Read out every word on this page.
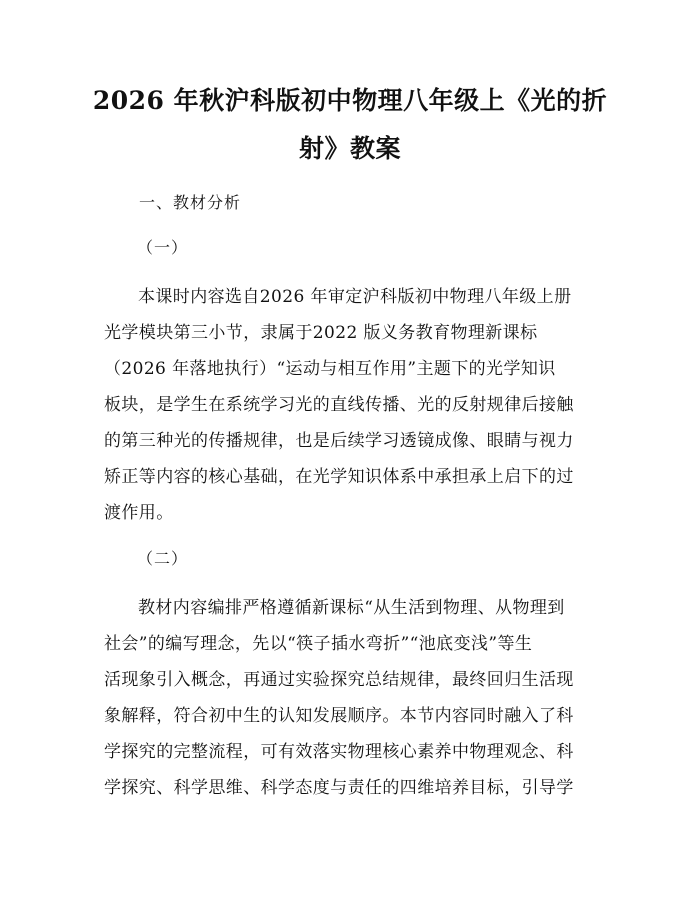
2026 年秋沪科版初中物理八年级上《光的折
射》教案
一、教材分析
（一）
本课时内容选自2026 年审定沪科版初中物理八年级上册
光学模块第三小节，隶属于2022 版义务教育物理新课标
（2026 年落地执行）“运动与相互作用”主题下的光学知识
板块，是学生在系统学习光的直线传播、光的反射规律后接触
的第三种光的传播规律，也是后续学习透镜成像、眼睛与视力
矫正等内容的核心基础，在光学知识体系中承担承上启下的过
渡作用。
（二）
教材内容编排严格遵循新课标“从生活到物理、从物理到
社会”的编写理念，先以“筷子插水弯折”“池底变浅”等生
活现象引入概念，再通过实验探究总结规律，最终回归生活现
象解释，符合初中生的认知发展顺序。本节内容同时融入了科
学探究的完整流程，可有效落实物理核心素养中物理观念、科
学探究、科学思维、科学态度与责任的四维培养目标，引导学
